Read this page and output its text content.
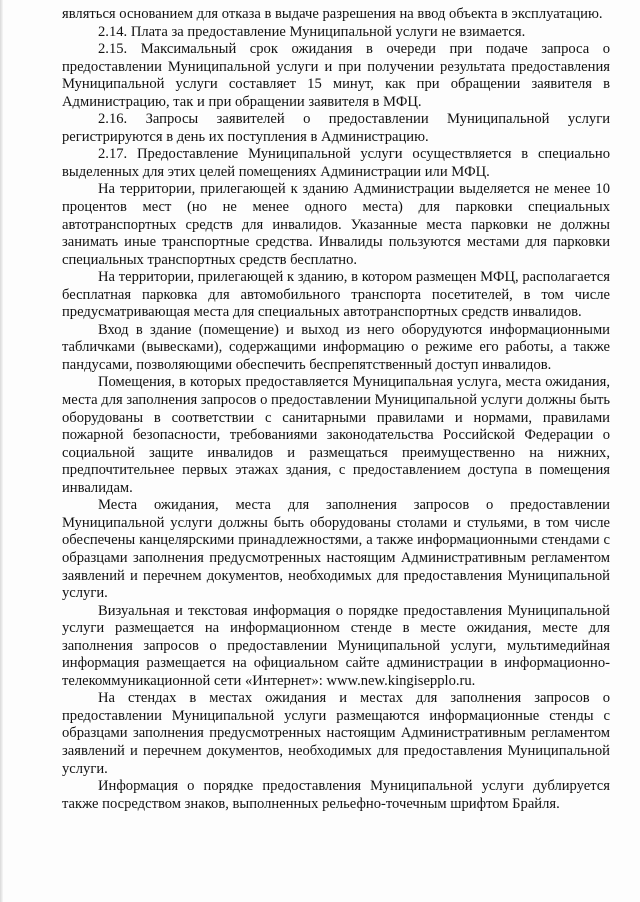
являться основанием для отказа в выдаче разрешения на ввод объекта в эксплуатацию.

2.14. Плата за предоставление Муниципальной услуги не взимается.

2.15. Максимальный срок ожидания в очереди при подаче запроса о предоставлении Муниципальной услуги и при получении результата предоставления Муниципальной услуги составляет 15 минут, как при обращении заявителя в Администрацию, так и при обращении заявителя в МФЦ.

2.16. Запросы заявителей о предоставлении Муниципальной услуги регистрируются в день их поступления в Администрацию.

2.17. Предоставление Муниципальной услуги осуществляется в специально выделенных для этих целей помещениях Администрации или МФЦ.

На территории, прилегающей к зданию Администрации выделяется не менее 10 процентов мест (но не менее одного места) для парковки специальных автотранспортных средств для инвалидов. Указанные места парковки не должны занимать иные транспортные средства. Инвалиды пользуются местами для парковки специальных транспортных средств бесплатно.

На территории, прилегающей к зданию, в котором размещен МФЦ, располагается бесплатная парковка для автомобильного транспорта посетителей, в том числе предусматривающая места для специальных автотранспортных средств инвалидов.

Вход в здание (помещение) и выход из него оборудуются информационными табличками (вывесками), содержащими информацию о режиме его работы, а также пандусами, позволяющими обеспечить беспрепятственный доступ инвалидов.

Помещения, в которых предоставляется Муниципальная услуга, места ожидания, места для заполнения запросов о предоставлении Муниципальной услуги должны быть оборудованы в соответствии с санитарными правилами и нормами, правилами пожарной безопасности, требованиями законодательства Российской Федерации о социальной защите инвалидов и размещаться преимущественно на нижних, предпочтительнее первых этажах здания, с предоставлением доступа в помещения инвалидам.

Места ожидания, места для заполнения запросов о предоставлении Муниципальной услуги должны быть оборудованы столами и стульями, в том числе обеспечены канцелярскими принадлежностями, а также информационными стендами с образцами заполнения предусмотренных настоящим Административным регламентом заявлений и перечнем документов, необходимых для предоставления Муниципальной услуги.

Визуальная и текстовая информация о порядке предоставления Муниципальной услуги размещается на информационном стенде в месте ожидания, месте для заполнения запросов о предоставлении Муниципальной услуги, мультимедийная информация размещается на официальном сайте администрации в информационно-телекоммуникационной сети «Интернет»: www.new.kingisepplo.ru.

На стендах в местах ожидания и местах для заполнения запросов о предоставлении Муниципальной услуги размещаются информационные стенды с образцами заполнения предусмотренных настоящим Административным регламентом заявлений и перечнем документов, необходимых для предоставления Муниципальной услуги.

Информация о порядке предоставления Муниципальной услуги дублируется также посредством знаков, выполненных рельефно-точечным шрифтом Брайля.
